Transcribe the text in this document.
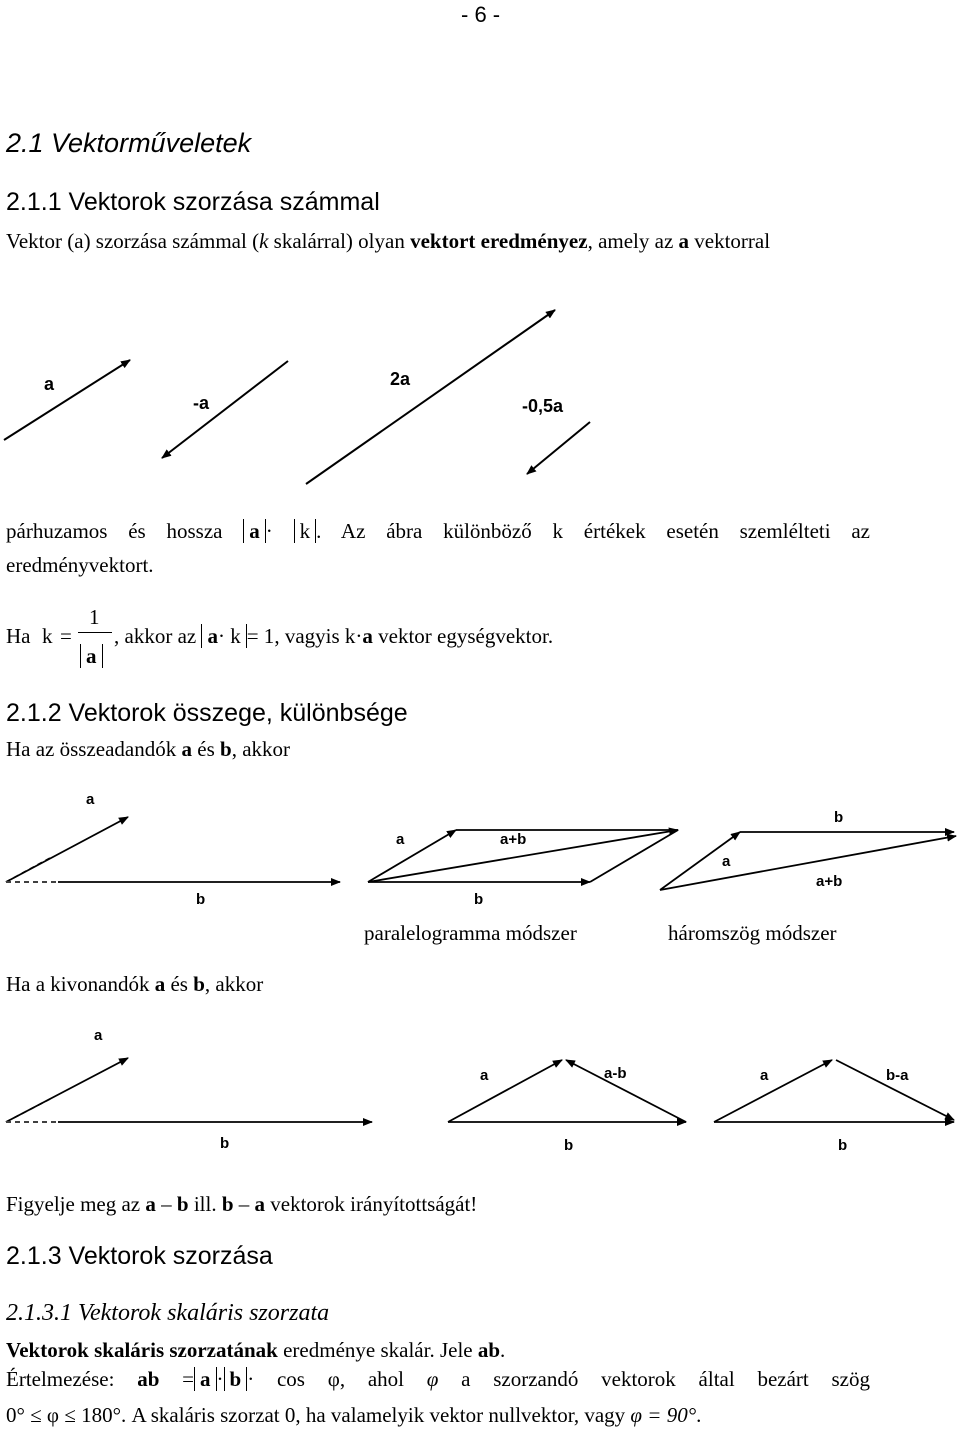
- 6 -
2.1 Vektorműveletek
2.1.1 Vektorok szorzása számmal
Vektor (a) szorzása számmal (k skalárral) olyan vektort eredményez, amely az a vektorral
a
-a
2a
-0,5a
párhuzamos és hossza a · k . Az ábra különböző k értékek esetén szemlélteti az
eredményvektort.
Ha k =
1
a
, akkor az a· k = 1, vagyis k·a vektor egységvektor.
2.1.2 Vektorok összege, különbsége
Ha az összeadandók a és b, akkor
a
b
a	a+b
b
b
a
a+b
paralelogramma módszer	háromszög módszer
Ha a kivonandók a és b, akkor
a
b
a	a-b
b
a	b-a
b
Figyelje meg az a – b ill. b – a vektorok irányítottságát!
2.1.3 Vektorok szorzása
2.1.3.1 Vektorok skaláris szorzata
Vektorok skaláris szorzatának eredménye skalár. Jele ab.
Értelmezése: ab = a · b · cos φ, ahol φ a szorzandó vektorok által bezárt szög
0° ≤ φ ≤ 180°. A skaláris szorzat 0, ha valamelyik vektor nullvektor, vagy φ = 90°.
